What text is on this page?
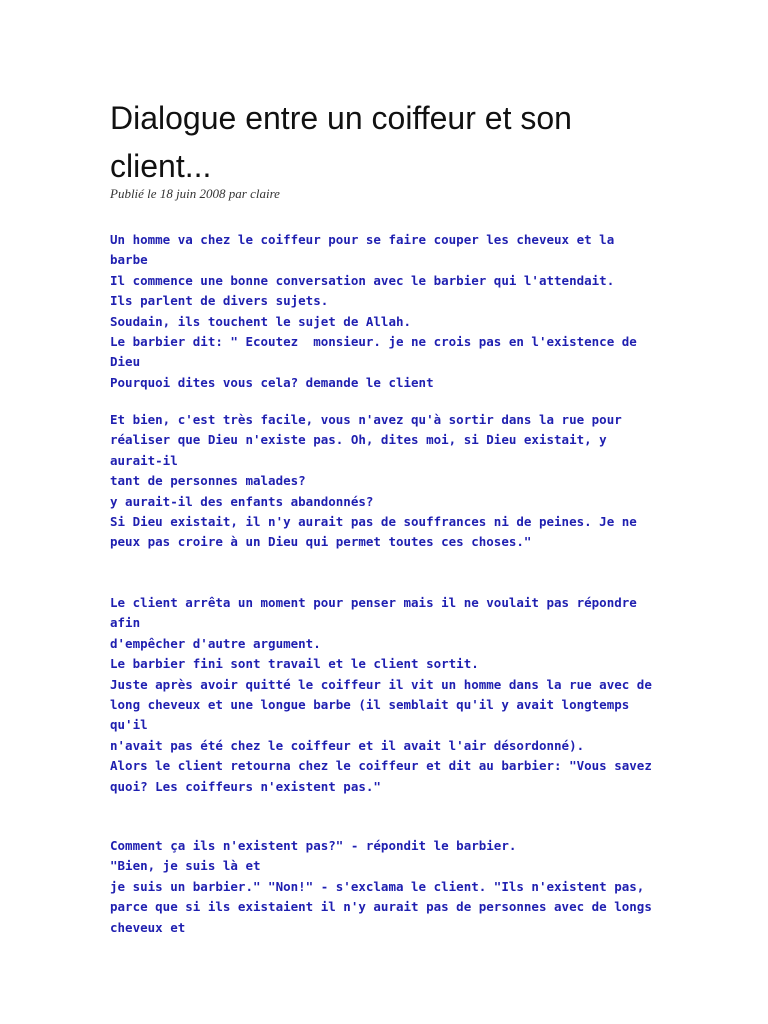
Dialogue entre un coiffeur et son
client...

Publié le 18 juin 2008 par claire

Un homme va chez le coiffeur pour se faire couper les cheveux et la
barbe
Il commence une bonne conversation avec le barbier qui l'attendait.
Ils parlent de divers sujets.
Soudain, ils touchent le sujet de Allah.
Le barbier dit: " Ecoutez  monsieur. je ne crois pas en l'existence de
Dieu
Pourquoi dites vous cela? demande le client
Et bien, c'est très facile, vous n'avez qu'à sortir dans la rue pour
réaliser que Dieu n'existe pas. Oh, dites moi, si Dieu existait, y
aurait-il
tant de personnes malades?
y aurait-il des enfants abandonnés?
Si Dieu existait, il n'y aurait pas de souffrances ni de peines. Je ne
peux pas croire à un Dieu qui permet toutes ces choses."
Le client arrêta un moment pour penser mais il ne voulait pas répondre
afin
d'empêcher d'autre argument.
Le barbier fini sont travail et le client sortit.
Juste après avoir quitté le coiffeur il vit un homme dans la rue avec de
long cheveux et une longue barbe (il semblait qu'il y avait longtemps
qu'il
n'avait pas été chez le coiffeur et il avait l'air désordonné).
Alors le client retourna chez le coiffeur et dit au barbier: "Vous savez
quoi? Les coiffeurs n'existent pas."
Comment ça ils n'existent pas?" - répondit le barbier.
"Bien, je suis là et
je suis un barbier." "Non!" - s'exclama le client. "Ils n'existent pas,
parce que si ils existaient il n'y aurait pas de personnes avec de longs
cheveux et
